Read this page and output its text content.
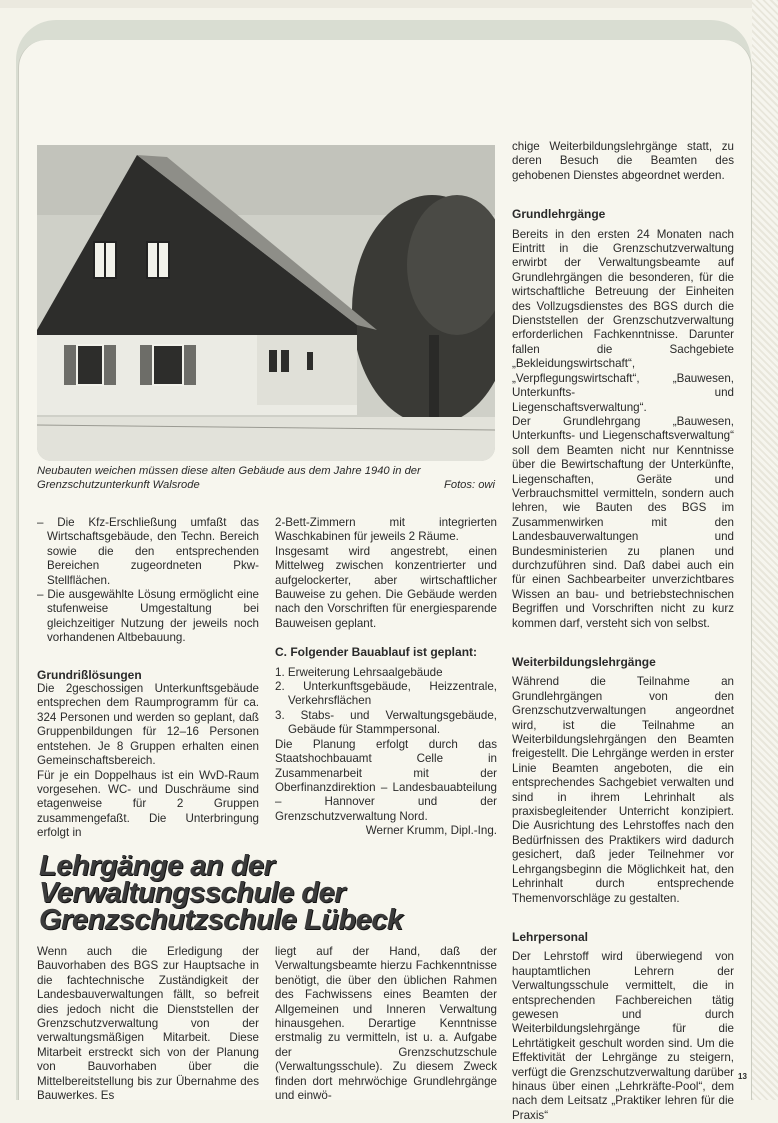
Neubauten weichen müssen diese alten Gebäude aus dem Jahre 1940 in der Grenzschutzunterkunft Walsrode	Fotos: owi
– Die Kfz-Erschließung umfaßt das Wirtschaftsgebäude, den Techn. Bereich sowie die den entsprechenden Bereichen zugeordneten Pkw-Stellflächen.
– Die ausgewählte Lösung ermöglicht eine stufenweise Umgestaltung bei gleichzeitiger Nutzung der jeweils noch vorhandenen Altbebauung.
Grundrißlösungen

Die 2geschossigen Unterkunftsgebäude entsprechen dem Raumprogramm für ca. 324 Personen und werden so geplant, daß Gruppenbildungen für 12–16 Personen entstehen. Je 8 Gruppen erhalten einen Gemeinschaftsbereich.

Für je ein Doppelhaus ist ein WvD-Raum vorgesehen. WC- und Duschräume sind etagenweise für 2 Gruppen zusammengefaßt. Die Unterbringung erfolgt in

2-Bett-Zimmern mit integrierten Waschkabinen für jeweils 2 Räume.

Insgesamt wird angestrebt, einen Mittelweg zwischen konzentrierter und aufgelockerter, aber wirtschaftlicher Bauweise zu gehen. Die Gebäude werden nach den Vorschriften für energiesparende Bauweisen geplant.

C. Folgender Bauablauf ist geplant:
1. Erweiterung Lehrsaalgebäude
2. Unterkunftsgebäude, Heizzentrale, Verkehrsflächen
3. Stabs- und Verwaltungsgebäude, Gebäude für Stammpersonal.

Die Planung erfolgt durch das Staatshochbauamt Celle in Zusammenarbeit mit der Oberfinanzdirektion – Landesbauabteilung – Hannover und der Grenzschutzverwaltung Nord.

Werner Krumm, Dipl.-Ing.

Lehrgänge an der Verwaltungsschule der Grenzschutzschule Lübeck

Wenn auch die Erledigung der Bauvorhaben des BGS zur Hauptsache in die fachtechnische Zuständigkeit der Landesbauverwaltungen fällt, so befreit dies jedoch nicht die Dienststellen der Grenzschutzverwaltung von der verwaltungsmäßigen Mitarbeit. Diese Mitarbeit erstreckt sich von der Planung von Bauvorhaben über die Mittelbereitstellung bis zur Übernahme des Bauwerkes. Es

liegt auf der Hand, daß der Verwaltungsbeamte hierzu Fachkenntnisse benötigt, die über den üblichen Rahmen des Fachwissens eines Beamten der Allgemeinen und Inneren Verwaltung hinausgehen. Derartige Kenntnisse erstmalig zu vermitteln, ist u. a. Aufgabe der Grenzschutzschule (Verwaltungsschule). Zu diesem Zweck finden dort mehrwöchige Grundlehrgänge und einwö-

chige Weiterbildungslehrgänge statt, zu deren Besuch die Beamten des gehobenen Dienstes abgeordnet werden.

Grundlehrgänge

Bereits in den ersten 24 Monaten nach Eintritt in die Grenzschutzverwaltung erwirbt der Verwaltungsbeamte auf Grundlehrgängen die besonderen, für die wirtschaftliche Betreuung der Einheiten des Vollzugsdienstes des BGS durch die Dienststellen der Grenzschutzverwaltung erforderlichen Fachkenntnisse. Darunter fallen die Sachgebiete „Bekleidungswirtschaft“, „Verpflegungswirtschaft“, „Bauwesen, Unterkunfts- und Liegenschaftsverwaltung“.

Der Grundlehrgang „Bauwesen, Unterkunfts- und Liegenschaftsverwaltung“ soll dem Beamten nicht nur Kenntnisse über die Bewirtschaftung der Unterkünfte, Liegenschaften, Geräte und Verbrauchsmittel vermitteln, sondern auch lehren, wie Bauten des BGS im Zusammenwirken mit den Landesbauverwaltungen und Bundesministerien zu planen und durchzuführen sind. Daß dabei auch ein für einen Sachbearbeiter unverzichtbares Wissen an bau- und betriebstechnischen Begriffen und Vorschriften nicht zu kurz kommen darf, versteht sich von selbst.

Weiterbildungslehrgänge

Während die Teilnahme an Grundlehrgängen von den Grenzschutzverwaltungen angeordnet wird, ist die Teilnahme an Weiterbildungslehrgängen den Beamten freigestellt. Die Lehrgänge werden in erster Linie Beamten angeboten, die ein entsprechendes Sachgebiet verwalten und sind in ihrem Lehrinhalt als praxisbegleitender Unterricht konzipiert. Die Ausrichtung des Lehrstoffes nach den Bedürfnissen des Praktikers wird dadurch gesichert, daß jeder Teilnehmer vor Lehrgangsbeginn die Möglichkeit hat, den Lehrinhalt durch entsprechende Themenvorschläge zu gestalten.

Lehrpersonal

Der Lehrstoff wird überwiegend von hauptamtlichen Lehrern der Verwaltungsschule vermittelt, die in entsprechenden Fachbereichen tätig gewesen und durch Weiterbildungslehrgänge für die Lehrtätigkeit geschult worden sind. Um die Effektivität der Lehrgänge zu steigern, verfügt die Grenzschutzverwaltung darüber hinaus über einen „Lehrkräfte-Pool“, dem nach dem Leitsatz „Praktiker lehren für die Praxis“

13
